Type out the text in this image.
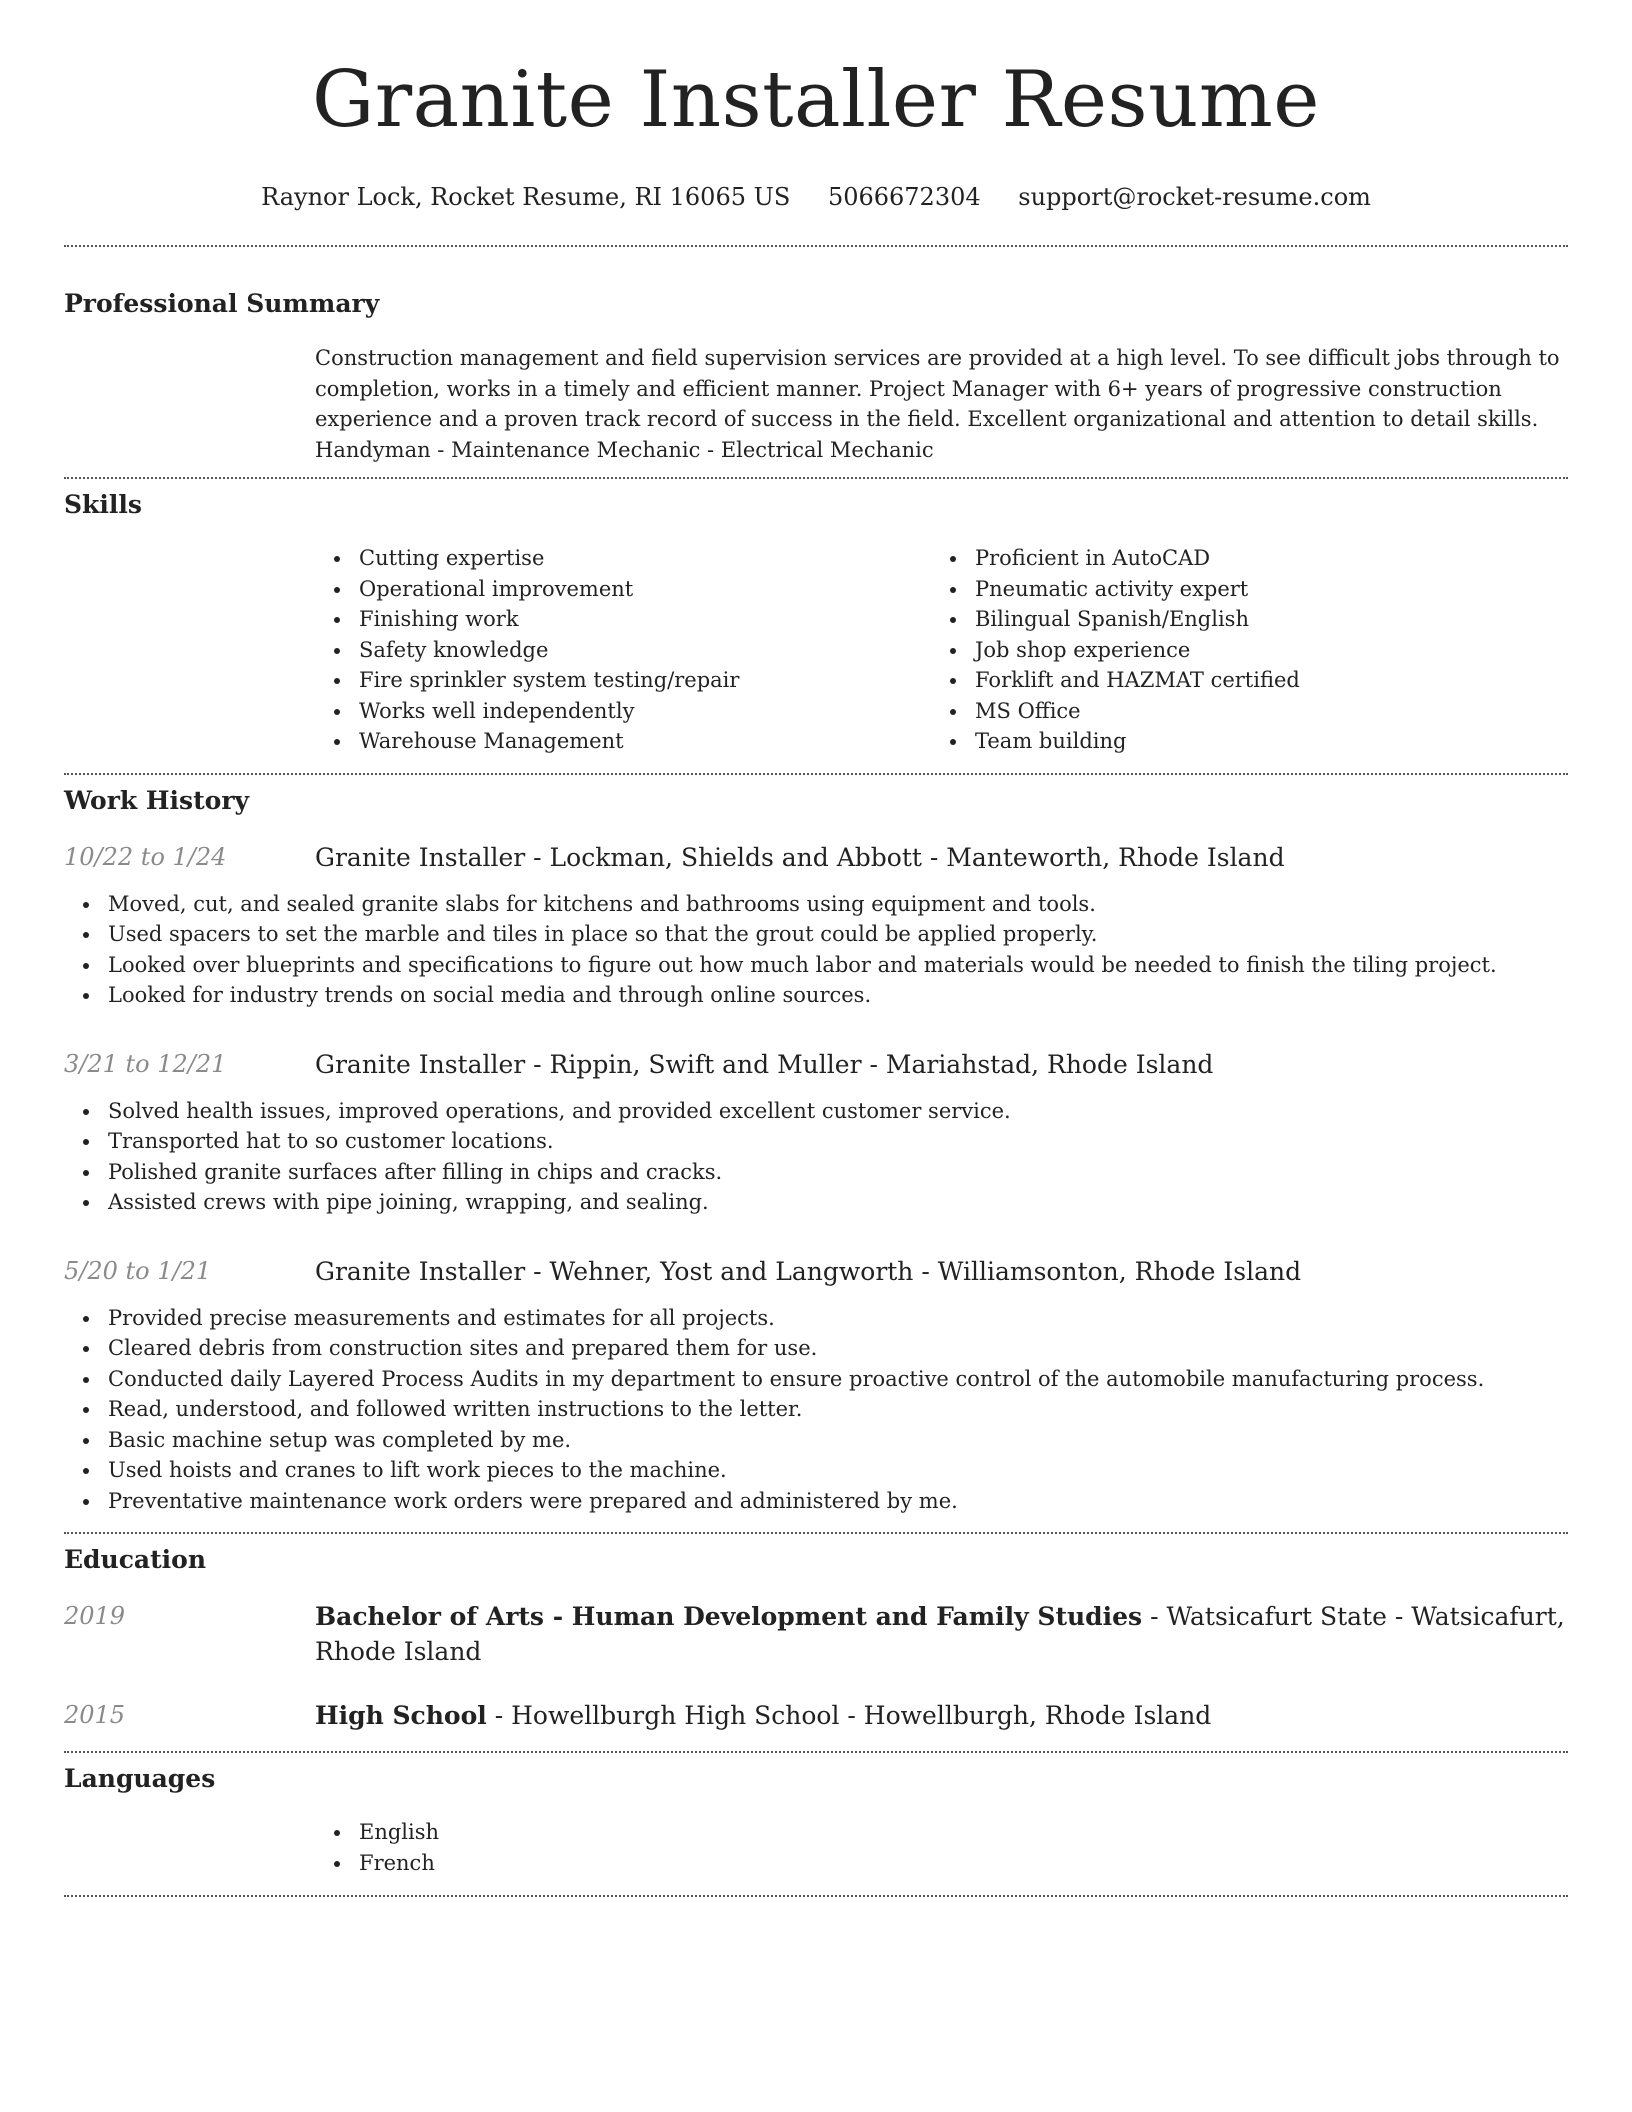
Granite Installer Resume
Raynor Lock, Rocket Resume, RI 16065 US 5066672304 support@rocket-resume.com
Professional Summary

Construction management and field supervision services are provided at a high level. To see difficult jobs through to completion, works in a timely and efficient manner. Project Manager with 6+ years of progressive construction experience and a proven track record of success in the field. Excellent organizational and attention to detail skills. Handyman - Maintenance Mechanic - Electrical Mechanic

Skills
Cutting expertise
Operational improvement
Finishing work
Safety knowledge
Fire sprinkler system testing/repair
Works well independently
Warehouse Management
Proficient in AutoCAD
Pneumatic activity expert
Bilingual Spanish/English
Job shop experience
Forklift and HAZMAT certified
MS Office
Team building
Work History
10/22 to 1/24	Granite Installer - Lockman, Shields and Abbott - Manteworth, Rhode Island
Moved, cut, and sealed granite slabs for kitchens and bathrooms using equipment and tools.
Used spacers to set the marble and tiles in place so that the grout could be applied properly.
Looked over blueprints and specifications to figure out how much labor and materials would be needed to finish the tiling project.
Looked for industry trends on social media and through online sources.
3/21 to 12/21	Granite Installer - Rippin, Swift and Muller - Mariahstad, Rhode Island
Solved health issues, improved operations, and provided excellent customer service.
Transported hat to so customer locations.
Polished granite surfaces after filling in chips and cracks.
Assisted crews with pipe joining, wrapping, and sealing.
5/20 to 1/21	Granite Installer - Wehner, Yost and Langworth - Williamsonton, Rhode Island
Provided precise measurements and estimates for all projects.
Cleared debris from construction sites and prepared them for use.
Conducted daily Layered Process Audits in my department to ensure proactive control of the automobile manufacturing process.
Read, understood, and followed written instructions to the letter.
Basic machine setup was completed by me.
Used hoists and cranes to lift work pieces to the machine.
Preventative maintenance work orders were prepared and administered by me.
Education
2019	Bachelor of Arts - Human Development and Family Studies - Watsicafurt State - Watsicafurt, Rhode Island
2015	High School - Howellburgh High School - Howellburgh, Rhode Island
Languages
English
French
